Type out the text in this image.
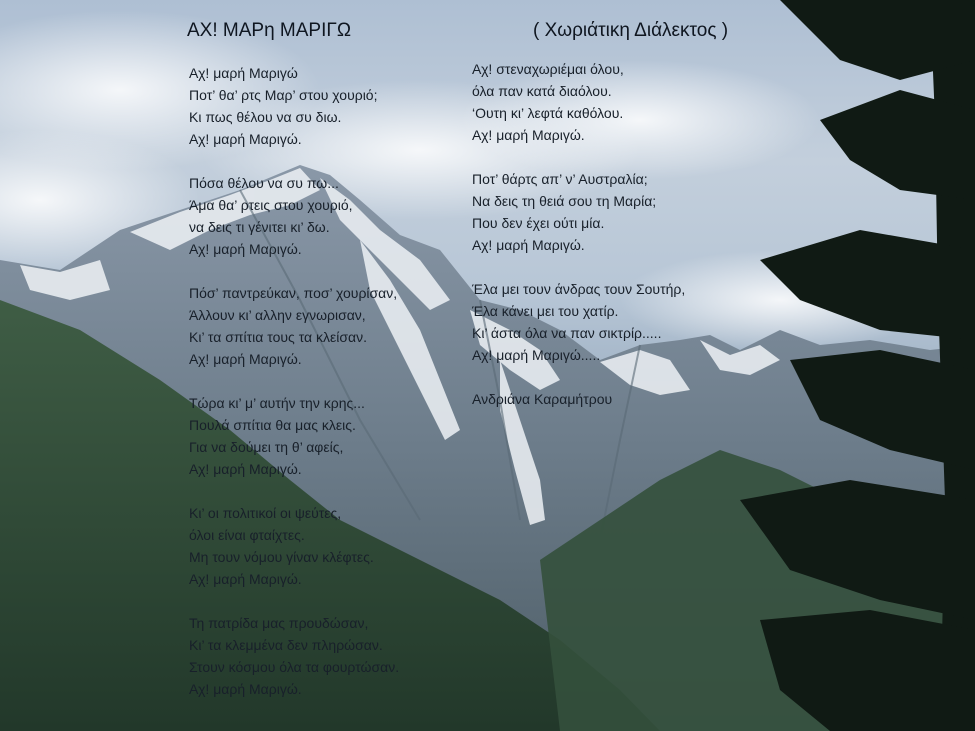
ΑΧ! ΜΑΡη ΜΑΡΙΓΩ	( Χωριάτικη Διάλεκτος )
Αχ! μαρή Μαριγώ
Ποτ’ θα’ ρτς Μαρ’ στου χουριό;
Κι πως θέλου να συ διω.
Αχ! μαρή Μαριγώ.
Πόσα θέλου να συ πω...
Άμα θα’ ρτεις στου χουριό,
να δεις τι γένιτει κι’ δω.
Αχ! μαρή Μαριγώ.
Πόσ’ παντρεύκαν, ποσ’ χουρίσαν,
Άλλουν κι’ αλλην εγνωρισαν,
Κι’ τα σπίτια τους τα κλείσαν.
Αχ! μαρή Μαριγώ.
Τώρα κι’ μ’ αυτήν την κρης...
Πουλά σπίτια θα μας κλεις.
Για να δούμει τη θ’ αφείς,
Αχ! μαρή Μαριγώ.
Κι’ οι πολιτικοί οι ψεύτες,
όλοι είναι φταίχτες.
Μη τουν νόμου γίναν κλέφτες.
Αχ! μαρή Μαριγώ.
Τη πατρίδα μας προυδώσαν,
Κι’ τα κλεμμένα δεν πληρώσαν.
Στουν κόσμου όλα τα φουρτώσαν.
Αχ! μαρή Μαριγώ.
Αχ! στεναχωριέμαι όλου,
όλα παν κατά διαόλου.
‘Ουτη κι’ λεφτά καθόλου.
Αχ! μαρή Μαριγώ.
Ποτ’ θάρτς απ’ ν’ Αυστραλία;
Να δεις τη θειά σου τη Μαρία;
Που δεν έχει ούτι μία.
Αχ! μαρή Μαριγώ.
Έλα μει τουν άνδρας τουν Σουτήρ,
Έλα κάνει μει του χατίρ.
Κι’ άστα όλα να παν σικτρίρ.....
Αχ! μαρή Μαριγώ.....
Ανδριάνα Καραμήτρου
